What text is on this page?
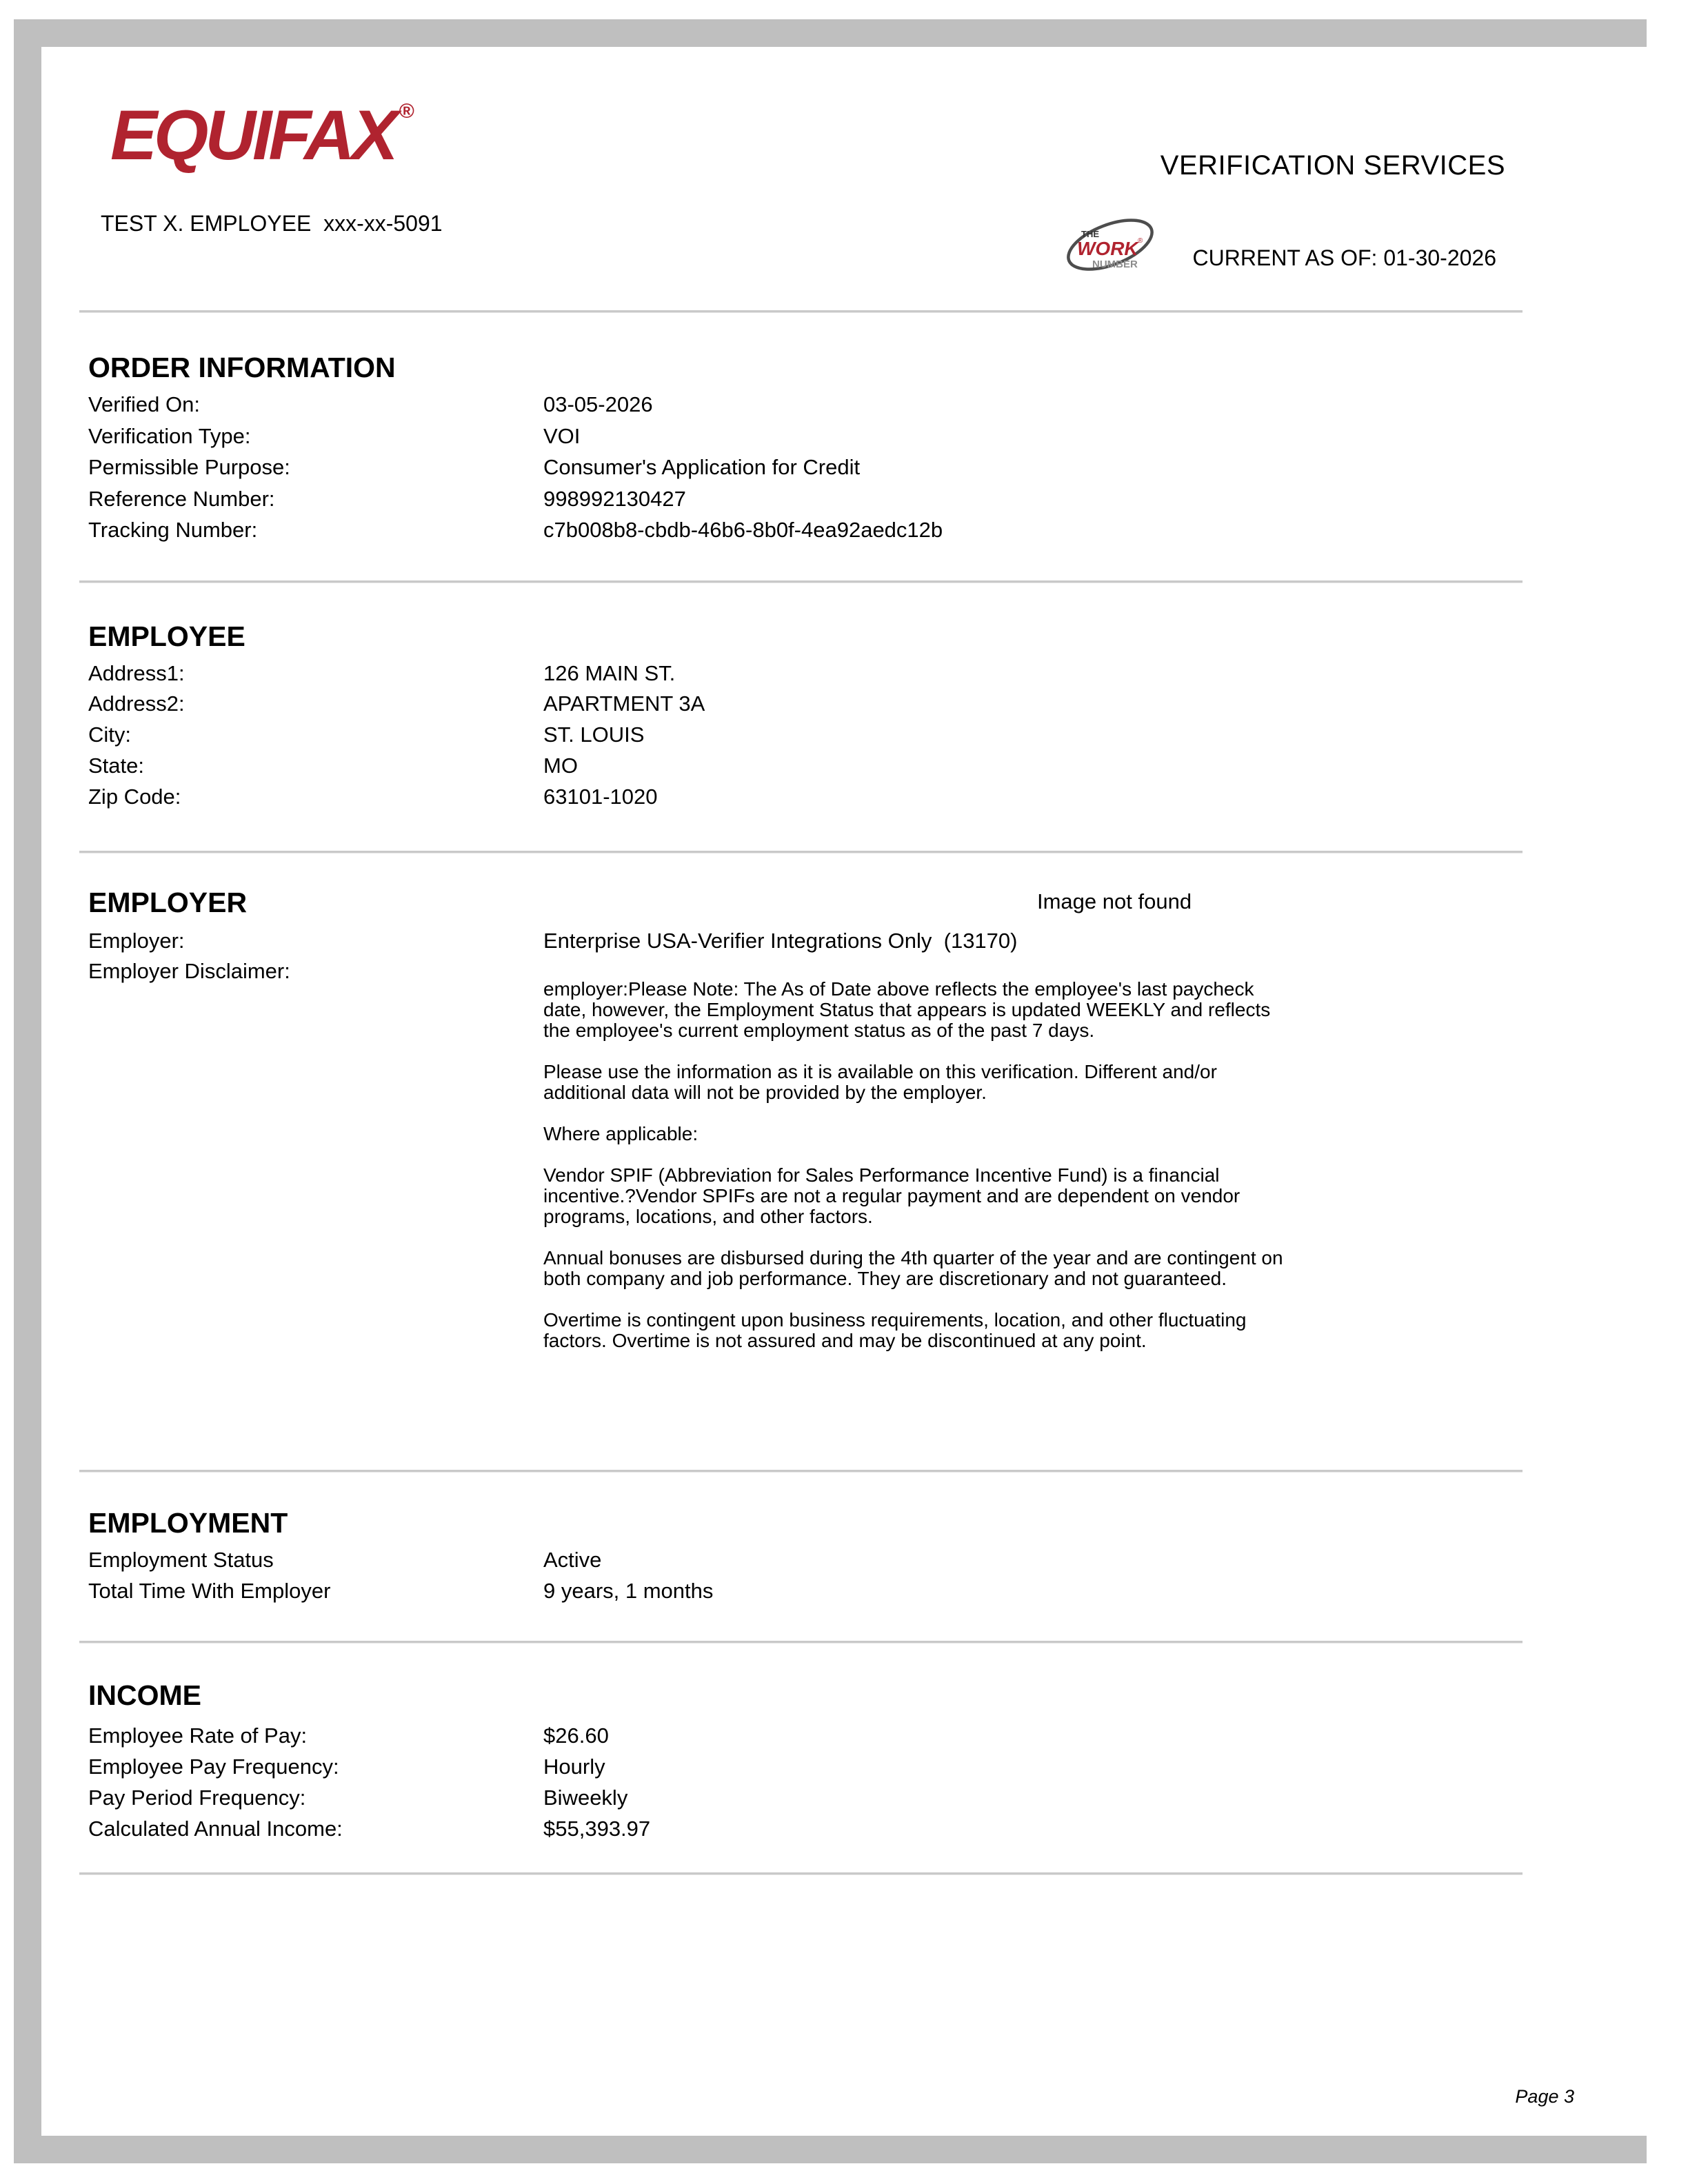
EQUIFAX ®
VERIFICATION SERVICES
TEST X. EMPLOYEE  xxx-xx-5091	THE
WORK ®
NUMBER CURRENT AS OF: 01-30-2026
ORDER INFORMATION
Verified On:	03-05-2026
Verification Type:	VOI
Permissible Purpose:	Consumer's Application for Credit
Reference Number:	998992130427
Tracking Number:	c7b008b8-cbdb-46b6-8b0f-4ea92aedc12b
EMPLOYEE
Address1:	126 MAIN ST.
Address2:	APARTMENT 3A
City:	ST. LOUIS
State:	MO
Zip Code:	63101-1020
EMPLOYER	Image not found
Employer:	Enterprise USA-Verifier Integrations Only  (13170)
Employer Disclaimer:

employer:Please Note: The As of Date above reflects the employee's last paycheck date, however, the Employment Status that appears is updated WEEKLY and reflects the employee's current employment status as of the past 7 days.

Please use the information as it is available on this verification. Different and/or additional data will not be provided by the employer.

Where applicable:

Vendor SPIF (Abbreviation for Sales Performance Incentive Fund) is a financial incentive.?Vendor SPIFs are not a regular payment and are dependent on vendor programs, locations, and other factors.

Annual bonuses are disbursed during the 4th quarter of the year and are contingent on both company and job performance. They are discretionary and not guaranteed.

Overtime is contingent upon business requirements, location, and other fluctuating factors. Overtime is not assured and may be discontinued at any point.

EMPLOYMENT
Employment Status	Active
Total Time With Employer	9 years, 1 months
INCOME
Employee Rate of Pay:	$26.60
Employee Pay Frequency:	Hourly
Pay Period Frequency:	Biweekly
Calculated Annual Income:	$55,393.97
Page 3
